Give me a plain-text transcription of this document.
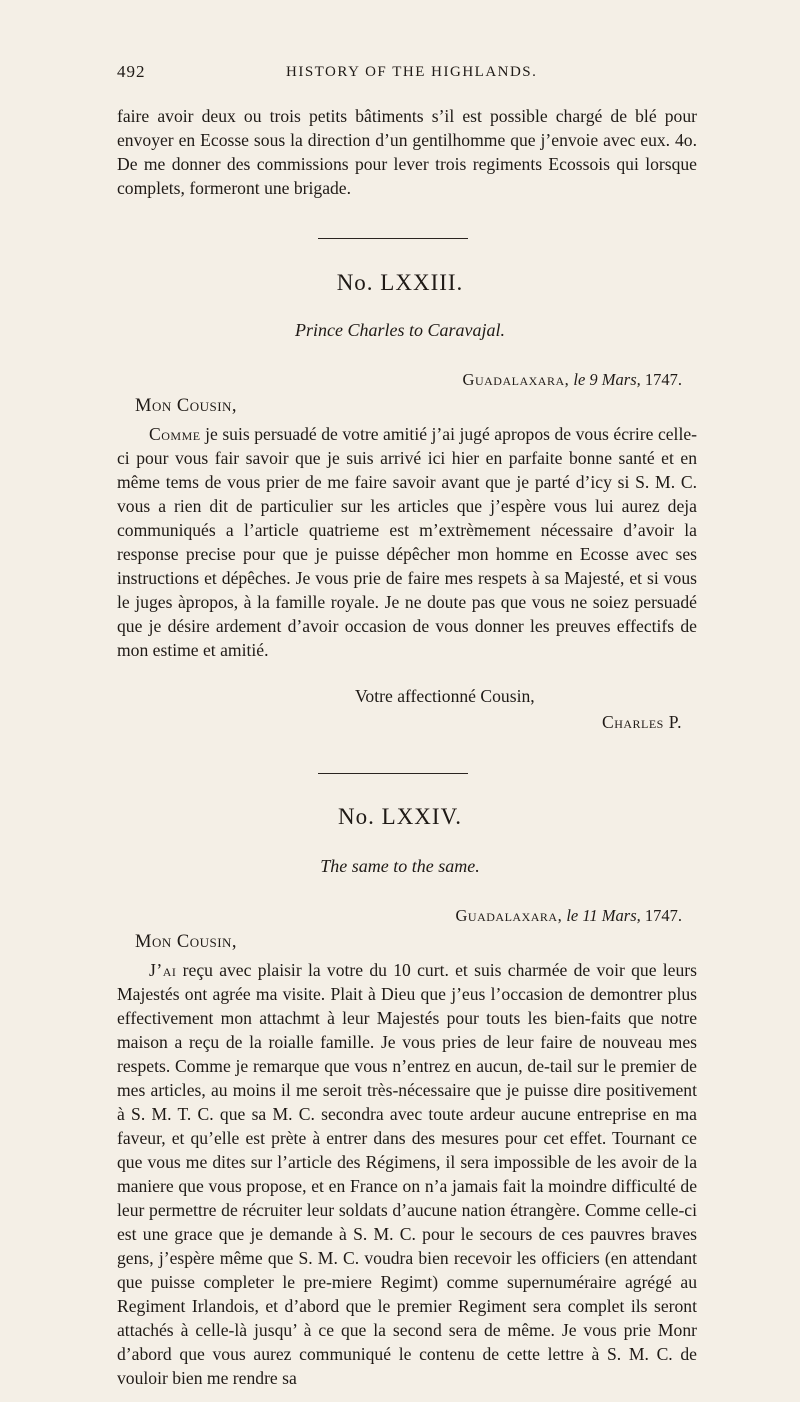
492	HISTORY OF THE HIGHLANDS.

faire avoir deux ou trois petits bâtiments s’il est possible chargé de blé pour envoyer en Ecosse sous la direction d’un gentilhomme que j’envoie avec eux. 4o. De me donner des commissions pour lever trois regiments Ecossois qui lorsque complets, formeront une brigade.

No. LXXIII.
Prince Charles to Caravajal.
Guadalaxara, le 9 Mars, 1747.
Mon Cousin,

Comme je suis persuadé de votre amitié j’ai jugé apropos de vous écrire celle-ci pour vous fair savoir que je suis arrivé ici hier en parfaite bonne santé et en même tems de vous prier de me faire savoir avant que je parté d’icy si S. M. C. vous a rien dit de particulier sur les articles que j’espère vous lui aurez deja communiqués a l’article quatrieme est m’extrèmement nécessaire d’avoir la response precise pour que je puisse dépêcher mon homme en Ecosse avec ses instructions et dépêches. Je vous prie de faire mes respets à sa Majesté, et si vous le juges àpropos, à la famille royale. Je ne doute pas que vous ne soiez persuadé que je désire ardement d’avoir occasion de vous donner les preuves effectifs de mon estime et amitié.

Votre affectionné Cousin,
Charles P.
No. LXXIV.
The same to the same.
Guadalaxara, le 11 Mars, 1747.
Mon Cousin,

J’ai reçu avec plaisir la votre du 10 curt. et suis charmée de voir que leurs Majestés ont agrée ma visite. Plait à Dieu que j’eus l’occasion de demontrer plus effectivement mon attachmt à leur Majestés pour touts les bien-faits que notre maison a reçu de la roialle famille. Je vous pries de leur faire de nouveau mes respets. Comme je remarque que vous n’entrez en aucun, de-tail sur le premier de mes articles, au moins il me seroit très-nécessaire que je puisse dire positivement à S. M. T. C. que sa M. C. secondra avec toute ardeur aucune entreprise en ma faveur, et qu’elle est prète à entrer dans des mesures pour cet effet. Tournant ce que vous me dites sur l’article des Régimens, il sera impossible de les avoir de la maniere que vous propose, et en France on n’a jamais fait la moindre difficulté de leur permettre de récruiter leur soldats d’aucune nation étrangère. Comme celle-ci est une grace que je demande à S. M. C. pour le secours de ces pauvres braves gens, j’espère même que S. M. C. voudra bien recevoir les officiers (en attendant que puisse completer le pre-miere Regimt) comme supernuméraire agrégé au Regiment Irlandois, et d’abord que le premier Regiment sera complet ils seront attachés à celle-là jusqu’ à ce que la second sera de même. Je vous prie Monr d’abord que vous aurez communiqué le contenu de cette lettre à S. M. C. de vouloir bien me rendre sa
